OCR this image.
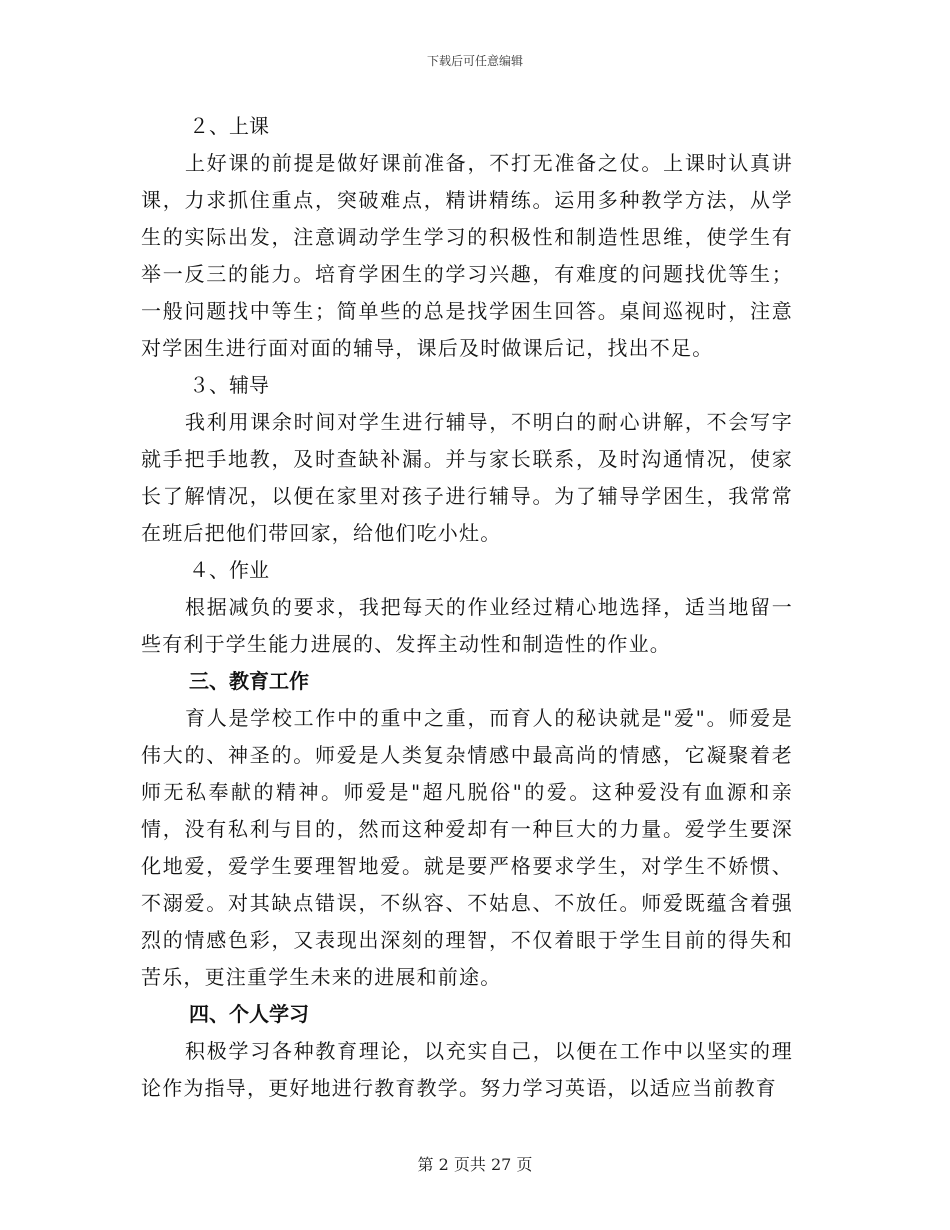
下载后可任意编辑

２、上课

上好课的前提是做好课前准备，不打无准备之仗。上课时认真讲课，力求抓住重点，突破难点，精讲精练。运用多种教学方法，从学生的实际出发，注意调动学生学习的积极性和制造性思维，使学生有举一反三的能力。培育学困生的学习兴趣，有难度的问题找优等生；一般问题找中等生；简单些的总是找学困生回答。桌间巡视时，注意对学困生进行面对面的辅导，课后及时做课后记，找出不足。

３、辅导

我利用课余时间对学生进行辅导，不明白的耐心讲解，不会写字就手把手地教，及时查缺补漏。并与家长联系，及时沟通情况，使家长了解情况，以便在家里对孩子进行辅导。为了辅导学困生，我常常在班后把他们带回家，给他们吃小灶。

４、作业

根据减负的要求，我把每天的作业经过精心地选择，适当地留一些有利于学生能力进展的、发挥主动性和制造性的作业。

三、教育工作

育人是学校工作中的重中之重，而育人的秘诀就是"爱"。师爱是伟大的、神圣的。师爱是人类复杂情感中最高尚的情感，它凝聚着老师无私奉献的精神。师爱是"超凡脱俗"的爱。这种爱没有血源和亲情，没有私利与目的，然而这种爱却有一种巨大的力量。爱学生要深化地爱，爱学生要理智地爱。就是要严格要求学生，对学生不娇惯、不溺爱。对其缺点错误，不纵容、不姑息、不放任。师爱既蕴含着强烈的情感色彩，又表现出深刻的理智，不仅着眼于学生目前的得失和苦乐，更注重学生未来的进展和前途。

四、个人学习

积极学习各种教育理论，以充实自己，以便在工作中以坚实的理论作为指导，更好地进行教育教学。努力学习英语，以适应当前教育

第 2 页共 27 页
